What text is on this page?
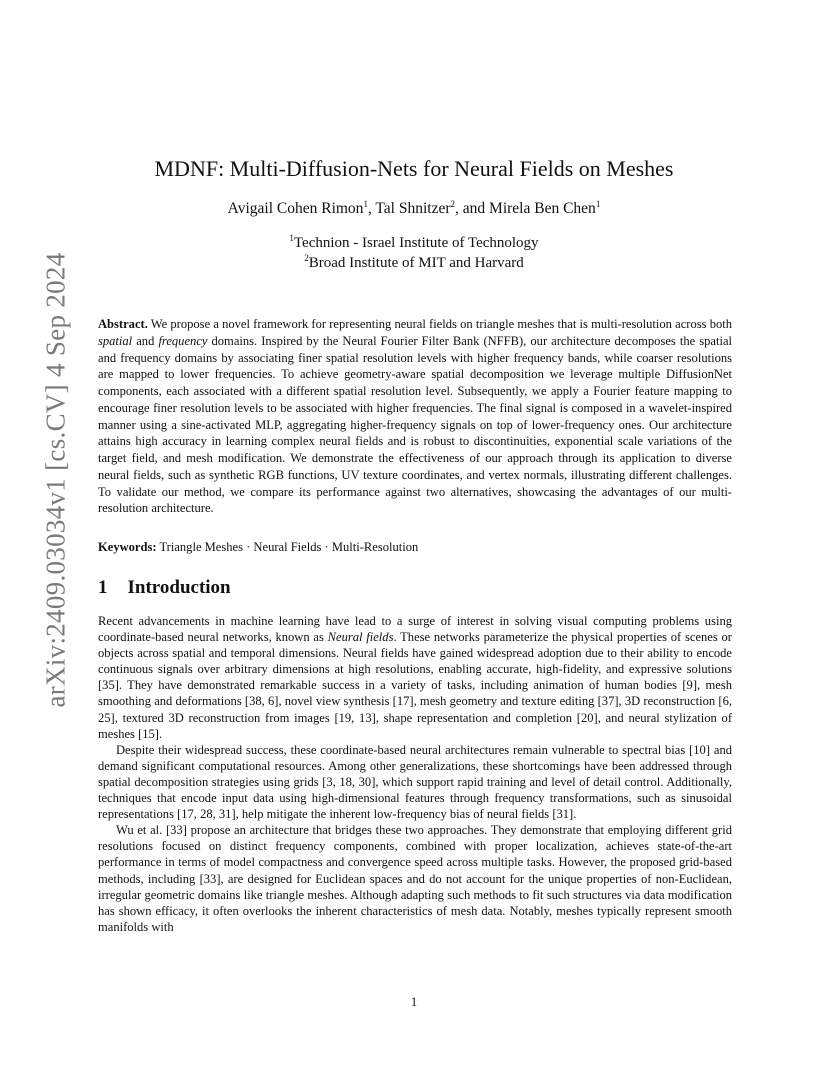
arXiv:2409.03034v1 [cs.CV] 4 Sep 2024
MDNF: Multi-Diffusion-Nets for Neural Fields on Meshes
Avigail Cohen Rimon$^1$, Tal Shnitzer$^2$, and Mirela Ben Chen$^1$
$^1$Technion - Israel Institute of Technology
$^2$Broad Institute of MIT and Harvard
Abstract. We propose a novel framework for representing neural fields on triangle meshes that is multi-resolution across both spatial and frequency domains. Inspired by the Neural Fourier Filter Bank (NFFB), our architecture decomposes the spatial and frequency domains by associating finer spatial resolution levels with higher frequency bands, while coarser resolutions are mapped to lower frequencies. To achieve geometry-aware spatial decomposition we leverage multiple DiffusionNet components, each associated with a different spatial resolution level. Subsequently, we apply a Fourier feature mapping to encourage finer resolution levels to be associated with higher frequencies. The final signal is composed in a wavelet-inspired manner using a sine-activated MLP, aggregating higher-frequency signals on top of lower-frequency ones. Our architecture attains high accuracy in learning complex neural fields and is robust to discontinuities, exponential scale variations of the target field, and mesh modification. We demonstrate the effectiveness of our approach through its application to diverse neural fields, such as synthetic RGB functions, UV texture coordinates, and vertex normals, illustrating different challenges. To validate our method, we compare its performance against two alternatives, showcasing the advantages of our multi-resolution architecture.
Keywords: Triangle Meshes · Neural Fields · Multi-Resolution
1 Introduction

Recent advancements in machine learning have lead to a surge of interest in solving visual computing problems using coordinate-based neural networks, known as Neural fields. These networks parameterize the physical properties of scenes or objects across spatial and temporal dimensions. Neural fields have gained widespread adoption due to their ability to encode continuous signals over arbitrary dimensions at high resolutions, enabling accurate, high-fidelity, and expressive solutions [35]. They have demonstrated remarkable success in a variety of tasks, including animation of human bodies [9], mesh smoothing and deformations [38, 6], novel view synthesis [17], mesh geometry and texture editing [37], 3D reconstruction [6, 25], textured 3D reconstruction from images [19, 13], shape representation and completion [20], and neural stylization of meshes [15].

Despite their widespread success, these coordinate-based neural architectures remain vulnerable to spectral bias [10] and demand significant computational resources. Among other generalizations, these shortcomings have been addressed through spatial decomposition strategies using grids [3, 18, 30], which support rapid training and level of detail control. Additionally, techniques that encode input data using high-dimensional features through frequency transformations, such as sinusoidal representations [17, 28, 31], help mitigate the inherent low-frequency bias of neural fields [31].

Wu et al. [33] propose an architecture that bridges these two approaches. They demonstrate that employing different grid resolutions focused on distinct frequency components, combined with proper localization, achieves state-of-the-art performance in terms of model compactness and convergence speed across multiple tasks. However, the proposed grid-based methods, including [33], are designed for Euclidean spaces and do not account for the unique properties of non-Euclidean, irregular geometric domains like triangle meshes. Although adapting such methods to fit such structures via data modification has shown efficacy, it often overlooks the inherent characteristics of mesh data. Notably, meshes typically represent smooth manifolds with

1
